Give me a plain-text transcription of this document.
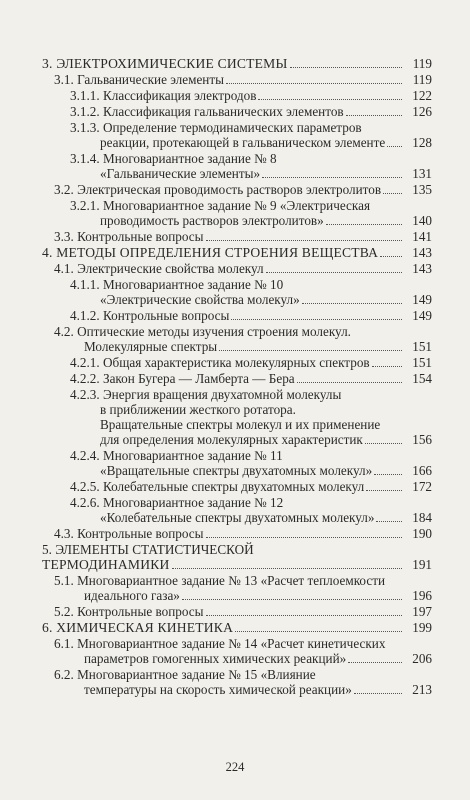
3. ЭЛЕКТРОХИМИЧЕСКИЕ СИСТЕМЫ	119
3.1. Гальванические элементы	119
3.1.1. Классификация электродов	122
3.1.2. Классификация гальванических элементов	126
3.1.3. Определение термодинамических параметров
реакции, протекающей в гальваническом элементе	128
3.1.4. Многовариантное задание № 8
«Гальванические элементы»	131
3.2. Электрическая проводимость растворов электролитов	135
3.2.1. Многовариантное задание № 9 «Электрическая
проводимость растворов электролитов»	140
3.3. Контрольные вопросы	141
4. МЕТОДЫ ОПРЕДЕЛЕНИЯ СТРОЕНИЯ ВЕЩЕСТВА	143
4.1. Электрические свойства молекул	143
4.1.1. Многовариантное задание № 10
«Электрические свойства молекул»	149
4.1.2. Контрольные вопросы	149
4.2. Оптические методы изучения строения молекул.
Молекулярные спектры	151
4.2.1. Общая характеристика молекулярных спектров	151
4.2.2. Закон Бугера — Ламберта — Бера	154
4.2.3. Энергия вращения двухатомной молекулы
в приближении жесткого ротатора.
Вращательные спектры молекул и их применение
для определения молекулярных характеристик	156
4.2.4. Многовариантное задание № 11
«Вращательные спектры двухатомных молекул»	166
4.2.5. Колебательные спектры двухатомных молекул	172
4.2.6. Многовариантное задание № 12
«Колебательные спектры двухатомных молекул»	184
4.3. Контрольные вопросы	190
5. ЭЛЕМЕНТЫ СТАТИСТИЧЕСКОЙ
ТЕРМОДИНАМИКИ	191
5.1. Многовариантное задание № 13 «Расчет теплоемкости
идеального газа»	196
5.2. Контрольные вопросы	197
6. ХИМИЧЕСКАЯ КИНЕТИКА	199
6.1. Многовариантное задание № 14 «Расчет кинетических
параметров гомогенных химических реакций»	206
6.2. Многовариантное задание № 15 «Влияние
температуры на скорость химической реакции»	213
224
